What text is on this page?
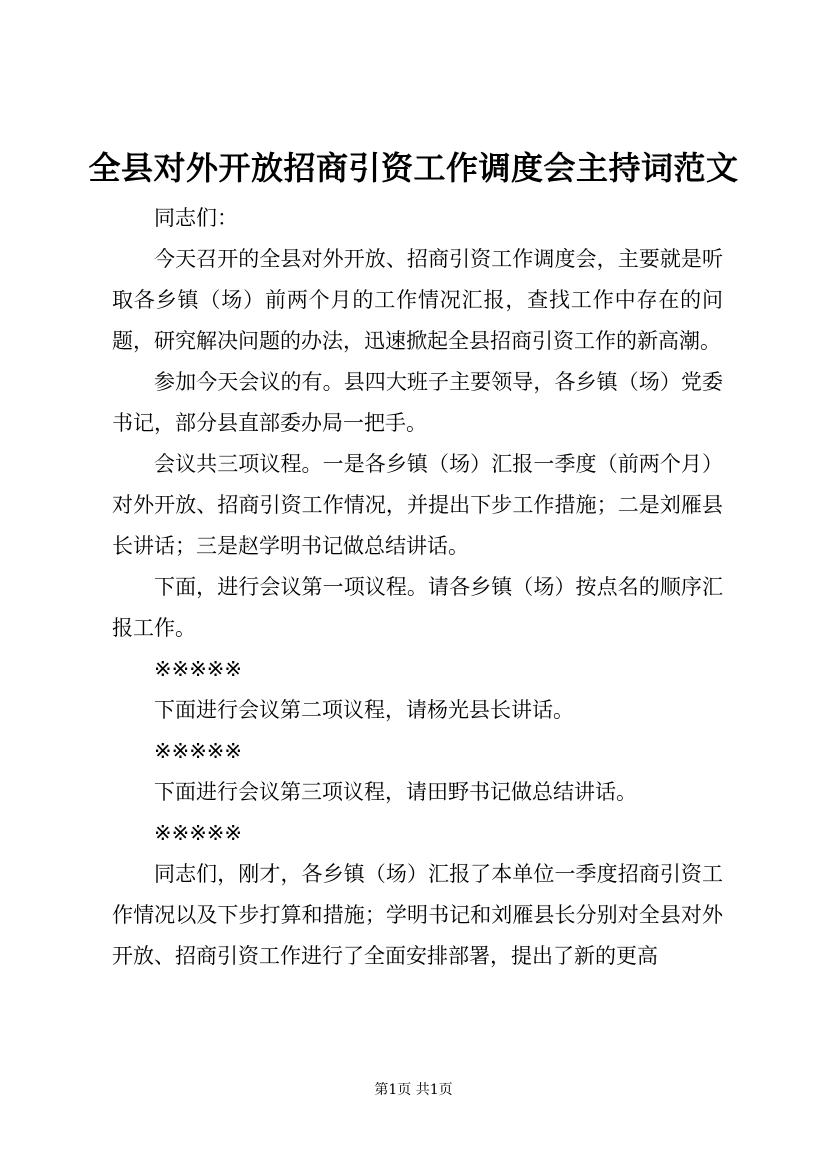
全县对外开放招商引资工作调度会主持词范文

同志们：

今天召开的全县对外开放、招商引资工作调度会，主要就是听取各乡镇（场）前两个月的工作情况汇报，查找工作中存在的问题，研究解决问题的办法，迅速掀起全县招商引资工作的新高潮。

参加今天会议的有。县四大班子主要领导，各乡镇（场）党委书记，部分县直部委办局一把手。

会议共三项议程。一是各乡镇（场）汇报一季度（前两个月）对外开放、招商引资工作情况，并提出下步工作措施；二是刘雁县长讲话；三是赵学明书记做总结讲话。

下面，进行会议第一项议程。请各乡镇（场）按点名的顺序汇报工作。

※※※※※

下面进行会议第二项议程，请杨光县长讲话。

※※※※※

下面进行会议第三项议程，请田野书记做总结讲话。

※※※※※

同志们，刚才，各乡镇（场）汇报了本单位一季度招商引资工作情况以及下步打算和措施；学明书记和刘雁县长分别对全县对外开放、招商引资工作进行了全面安排部署，提出了新的更高

第1页 共1页
